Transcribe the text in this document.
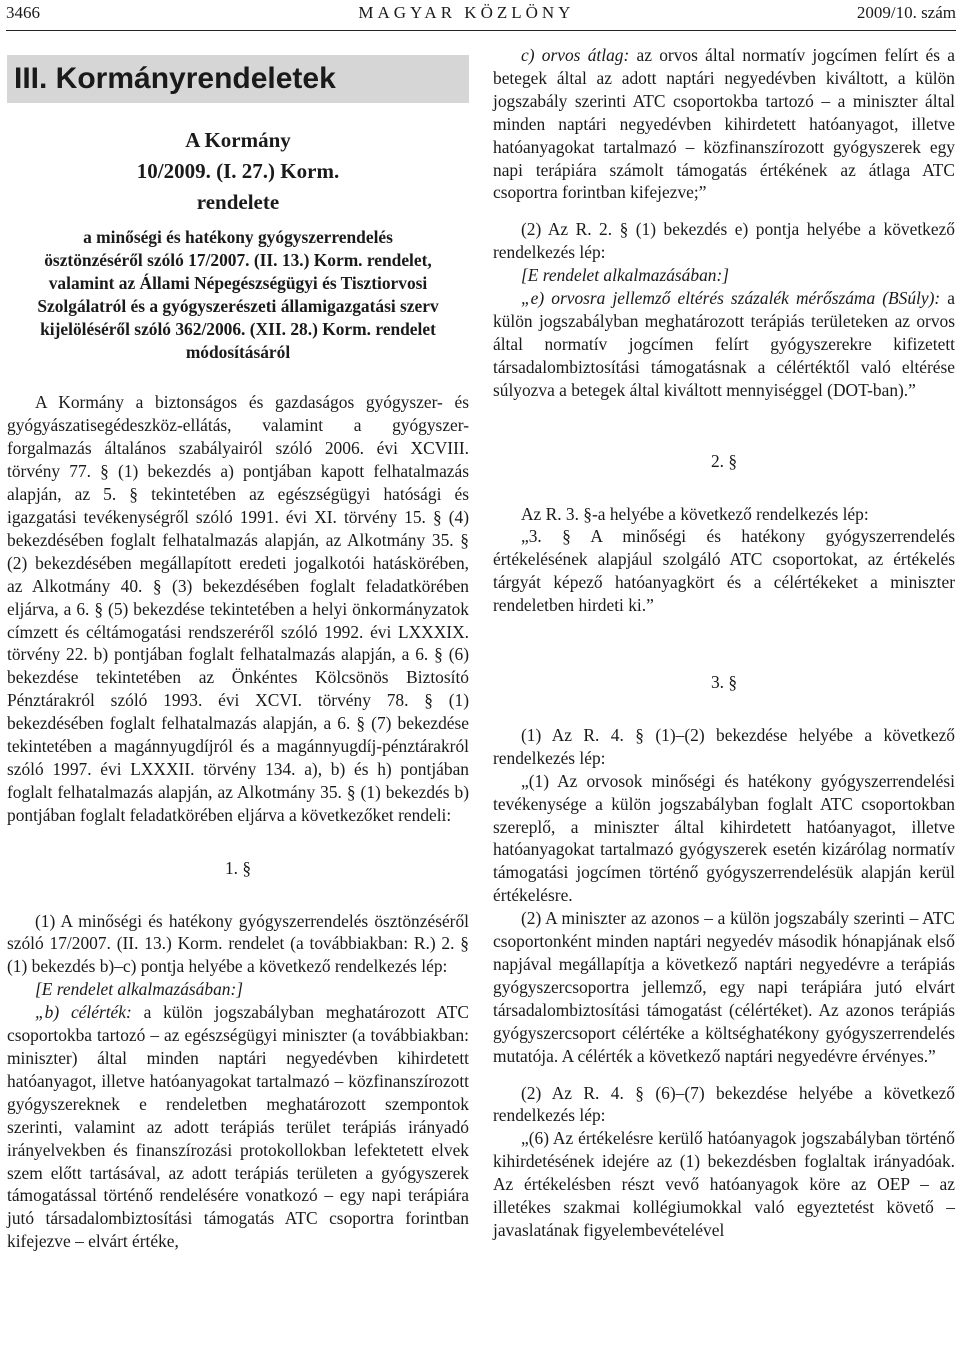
3466	MAGYAR KÖZLÖNY	2009/10. szám
III. Kormányrendeletek
A Kormány
10/2009. (I. 27.) Korm.
rendelete
a minőségi és hatékony gyógyszerrendelés
ösztönzéséről szóló 17/2007. (II. 13.) Korm. rendelet,
valamint az Állami Népegészségügyi és Tisztiorvosi
Szolgálatról és a gyógyszerészeti államigazgatási szerv
kijelöléséről szóló 362/2006. (XII. 28.) Korm. rendelet
módosításáról

A Kormány a biztonságos és gazdaságos gyógyszer- és gyógyászatisegédeszköz-ellátás, valamint a gyógyszer-forgalmazás általános szabályairól szóló 2006. évi XCVIII. törvény 77. § (1) bekezdés a) pontjában kapott felhatalmazás alapján, az 5. § tekintetében az egészségügyi hatósági és igazgatási tevékenységről szóló 1991. évi XI. törvény 15. § (4) bekezdésében foglalt felhatalmazás alapján, az Alkotmány 35. § (2) bekezdésében megállapított eredeti jogalkotói hatáskörében, az Alkotmány 40. § (3) bekezdésében foglalt feladatkörében eljárva, a 6. § (5) bekezdése tekintetében a helyi önkormányzatok címzett és céltámogatási rendszeréről szóló 1992. évi LXXXIX. törvény 22. b) pontjában foglalt felhatalmazás alapján, a 6. § (6) bekezdése tekintetében az Önkéntes Kölcsönös Biztosító Pénztárakról szóló 1993. évi XCVI. törvény 78. § (1) bekezdésében foglalt felhatalmazás alapján, a 6. § (7) bekezdése tekintetében a magánnyugdíjról és a magánnyugdíj-pénztárakról szóló 1997. évi LXXXII. törvény 134. a), b) és h) pontjában foglalt felhatalmazás alapján, az Alkotmány 35. § (1) bekezdés b) pontjában foglalt feladatkörében eljárva a következőket rendeli:

1. §

(1) A minőségi és hatékony gyógyszerrendelés ösztönzéséről szóló 17/2007. (II. 13.) Korm. rendelet (a továbbiakban: R.) 2. § (1) bekezdés b)–c) pontja helyébe a következő rendelkezés lép:

[E rendelet alkalmazásában:]

„b) célérték: a külön jogszabályban meghatározott ATC csoportokba tartozó – az egészségügyi miniszter (a továbbiakban: miniszter) által minden naptári negyedévben kihirdetett hatóanyagot, illetve hatóanyagokat tartalmazó – közfinanszírozott gyógyszereknek e rendeletben meghatározott szempontok szerinti, valamint az adott terápiás terület terápiás irányadó irányelvekben és finanszírozási protokollokban lefektetett elvek szem előtt tartásával, az adott terápiás területen a gyógyszerek támogatással történő rendelésére vonatkozó – egy napi terápiára jutó társadalombiztosítási támogatás ATC csoportra forintban kifejezve – elvárt értéke,

c) orvos átlag: az orvos által normatív jogcímen felírt és a betegek által az adott naptári negyedévben kiváltott, a külön jogszabály szerinti ATC csoportokba tartozó – a miniszter által minden naptári negyedévben kihirdetett hatóanyagot, illetve hatóanyagokat tartalmazó – közfinanszírozott gyógyszerek egy napi terápiára számolt támogatás értékének az átlaga ATC csoportra forintban kifejezve;”

(2) Az R. 2. § (1) bekezdés e) pontja helyébe a következő rendelkezés lép:

[E rendelet alkalmazásában:]

„e) orvosra jellemző eltérés százalék mérőszáma (BSúly): a külön jogszabályban meghatározott terápiás területeken az orvos által normatív jogcímen felírt gyógyszerekre kifizetett társadalombiztosítási támogatásnak a célértéktől való eltérése súlyozva a betegek által kiváltott mennyiséggel (DOT-ban).”

2. §

Az R. 3. §-a helyébe a következő rendelkezés lép:

„3. § A minőségi és hatékony gyógyszerrendelés értékelésének alapjául szolgáló ATC csoportokat, az értékelés tárgyát képező hatóanyagkört és a célértékeket a miniszter rendeletben hirdeti ki.”

3. §

(1) Az R. 4. § (1)–(2) bekezdése helyébe a következő rendelkezés lép:

„(1) Az orvosok minőségi és hatékony gyógyszerrendelési tevékenysége a külön jogszabályban foglalt ATC csoportokban szereplő, a miniszter által kihirdetett hatóanyagot, illetve hatóanyagokat tartalmazó gyógyszerek esetén kizárólag normatív támogatási jogcímen történő gyógyszerrendelésük alapján kerül értékelésre.

(2) A miniszter az azonos – a külön jogszabály szerinti – ATC csoportonként minden naptári negyedév második hónapjának első napjával megállapítja a következő naptári negyedévre a terápiás gyógyszercsoportra jellemző, egy napi terápiára jutó elvárt társadalombiztosítási támogatást (célértéket). Az azonos terápiás gyógyszercsoport célértéke a költséghatékony gyógyszerrendelés mutatója. A célérték a következő naptári negyedévre érvényes.”

(2) Az R. 4. § (6)–(7) bekezdése helyébe a következő rendelkezés lép:

„(6) Az értékelésre kerülő hatóanyagok jogszabályban történő kihirdetésének idejére az (1) bekezdésben foglaltak irányadóak. Az értékelésben részt vevő hatóanyagok köre az OEP – az illetékes szakmai kollégiumokkal való egyeztetést követő – javaslatának figyelembevételével
